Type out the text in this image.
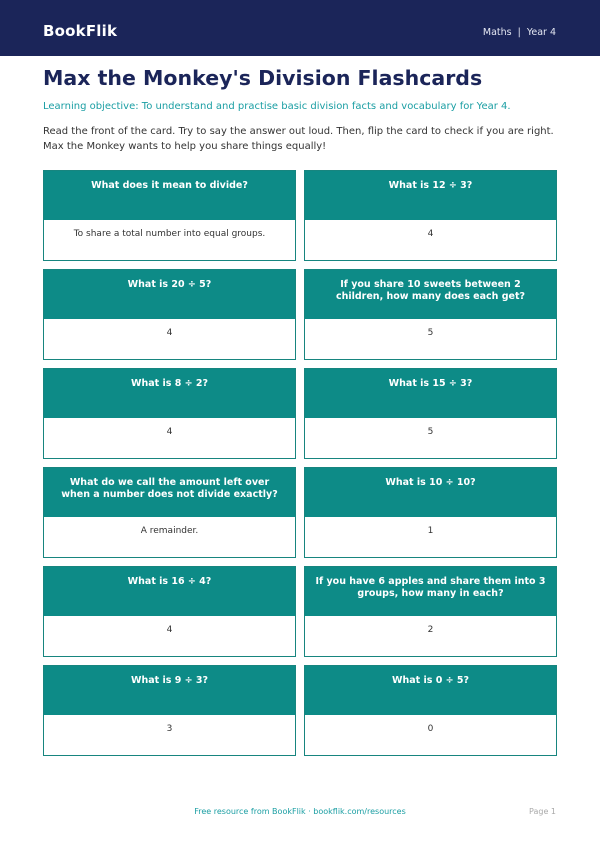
BookFlik	Maths | Year 4
Max the Monkey's Division Flashcards

Learning objective: To understand and practise basic division facts and vocabulary for Year 4.

Read the front of the card. Try to say the answer out loud. Then, flip the card to check if you are right. Max the Monkey wants to help you share things equally!

What does it mean to divide?
To share a total number into equal groups.
What is 12 ÷ 3?
4
What is 20 ÷ 5?
4
If you share 10 sweets between 2 children, how many does each get?
5
What is 8 ÷ 2?
4
What is 15 ÷ 3?
5
What do we call the amount left over when a number does not divide exactly?
A remainder.
What is 10 ÷ 10?
1
What is 16 ÷ 4?
4
If you have 6 apples and share them into 3 groups, how many in each?
2
What is 9 ÷ 3?
3
What is 0 ÷ 5?
0
Free resource from BookFlik · bookflik.com/resources	Page 1
